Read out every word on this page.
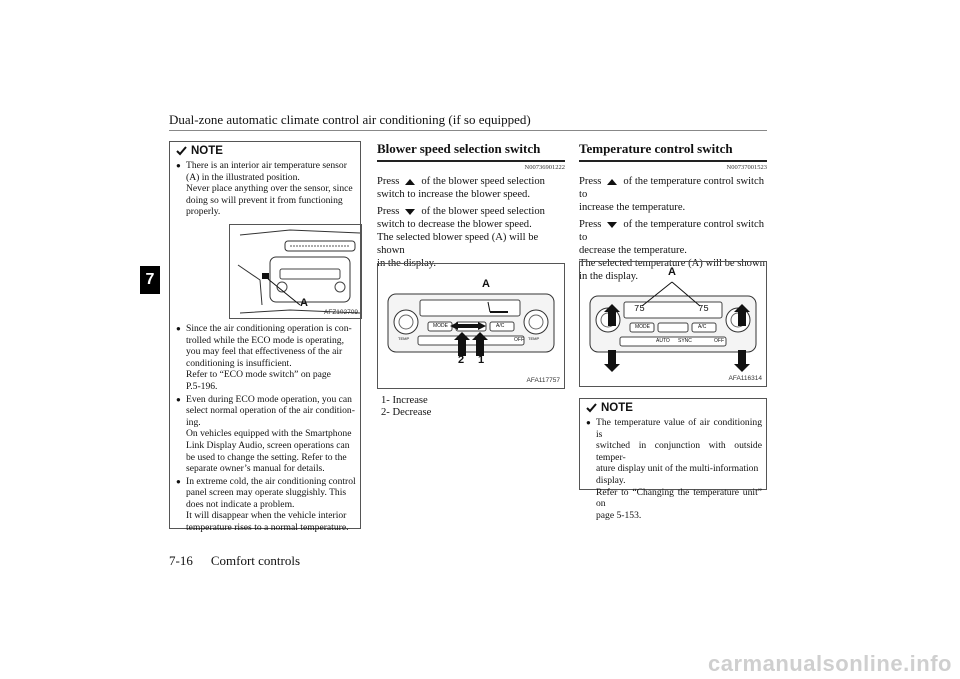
Dual-zone automatic climate control air conditioning (if so equipped)
7
NOTE
● There is an interior air temperature sensor
(A) in the illustrated position.
Never place anything over the sensor, since
doing so will prevent it from functioning
properly.
A
AFZ102709
● Since the air conditioning operation is con-
trolled while the ECO mode is operating,
you may feel that effectiveness of the air
conditioning is insufficient.
Refer to “ECO mode switch” on page
P.5-196.
● Even during ECO mode operation, you can
select normal operation of the air condition-
ing.
On vehicles equipped with the Smartphone
Link Display Audio, screen operations can
be used to change the setting. Refer to the
separate owner’s manual for details.
● In extreme cold, the air conditioning control
panel screen may operate sluggishly. This
does not indicate a problem.
It will disappear when the vehicle interior
temperature rises to a normal temperature.
Blower speed selection switch
N00736901222

Press of the blower speed selection
switch to increase the blower speed.

Press of the blower speed selection
switch to decrease the blower speed.
The selected blower speed (A) will be shown
in the display.

A
2 1
TEMP
MODE	A/C
OFF TEMP
AFA117757
1- Increase
2- Decrease
Temperature control switch
N00737001523

Press of the temperature control switch to
increase the temperature.

Press of the temperature control switch to
decrease the temperature.
The selected temperature (A) will be shown
in the display.	A
75	75
MODE	A/C
AUTO SYNC	OFF
AFA116314
NOTE
● The temperature value of air conditioning is
switched in conjunction with outside temper-
ature display unit of the multi-information
display.
Refer to “Changing the temperature unit” on
page 5-153.
7-16 Comfort controls
carmanualsonline.info
